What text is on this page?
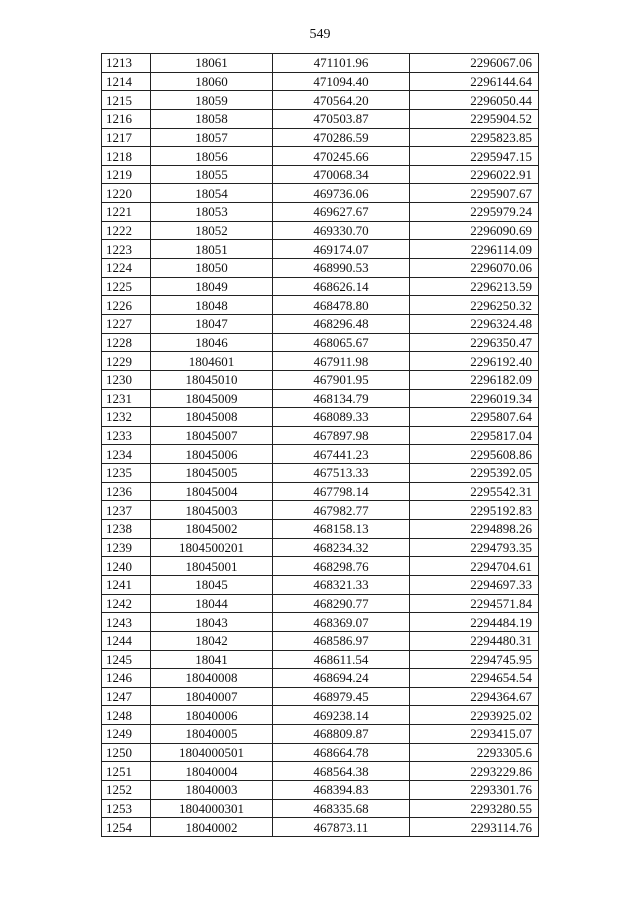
549
1213	18061	471101.96	2296067.06
1214	18060	471094.40	2296144.64
1215	18059	470564.20	2296050.44
1216	18058	470503.87	2295904.52
1217	18057	470286.59	2295823.85
1218	18056	470245.66	2295947.15
1219	18055	470068.34	2296022.91
1220	18054	469736.06	2295907.67
1221	18053	469627.67	2295979.24
1222	18052	469330.70	2296090.69
1223	18051	469174.07	2296114.09
1224	18050	468990.53	2296070.06
1225	18049	468626.14	2296213.59
1226	18048	468478.80	2296250.32
1227	18047	468296.48	2296324.48
1228	18046	468065.67	2296350.47
1229	1804601	467911.98	2296192.40
1230	18045010	467901.95	2296182.09
1231	18045009	468134.79	2296019.34
1232	18045008	468089.33	2295807.64
1233	18045007	467897.98	2295817.04
1234	18045006	467441.23	2295608.86
1235	18045005	467513.33	2295392.05
1236	18045004	467798.14	2295542.31
1237	18045003	467982.77	2295192.83
1238	18045002	468158.13	2294898.26
1239	1804500201	468234.32	2294793.35
1240	18045001	468298.76	2294704.61
1241	18045	468321.33	2294697.33
1242	18044	468290.77	2294571.84
1243	18043	468369.07	2294484.19
1244	18042	468586.97	2294480.31
1245	18041	468611.54	2294745.95
1246	18040008	468694.24	2294654.54
1247	18040007	468979.45	2294364.67
1248	18040006	469238.14	2293925.02
1249	18040005	468809.87	2293415.07
1250	1804000501	468664.78	2293305.6
1251	18040004	468564.38	2293229.86
1252	18040003	468394.83	2293301.76
1253	1804000301	468335.68	2293280.55
1254	18040002	467873.11	2293114.76
